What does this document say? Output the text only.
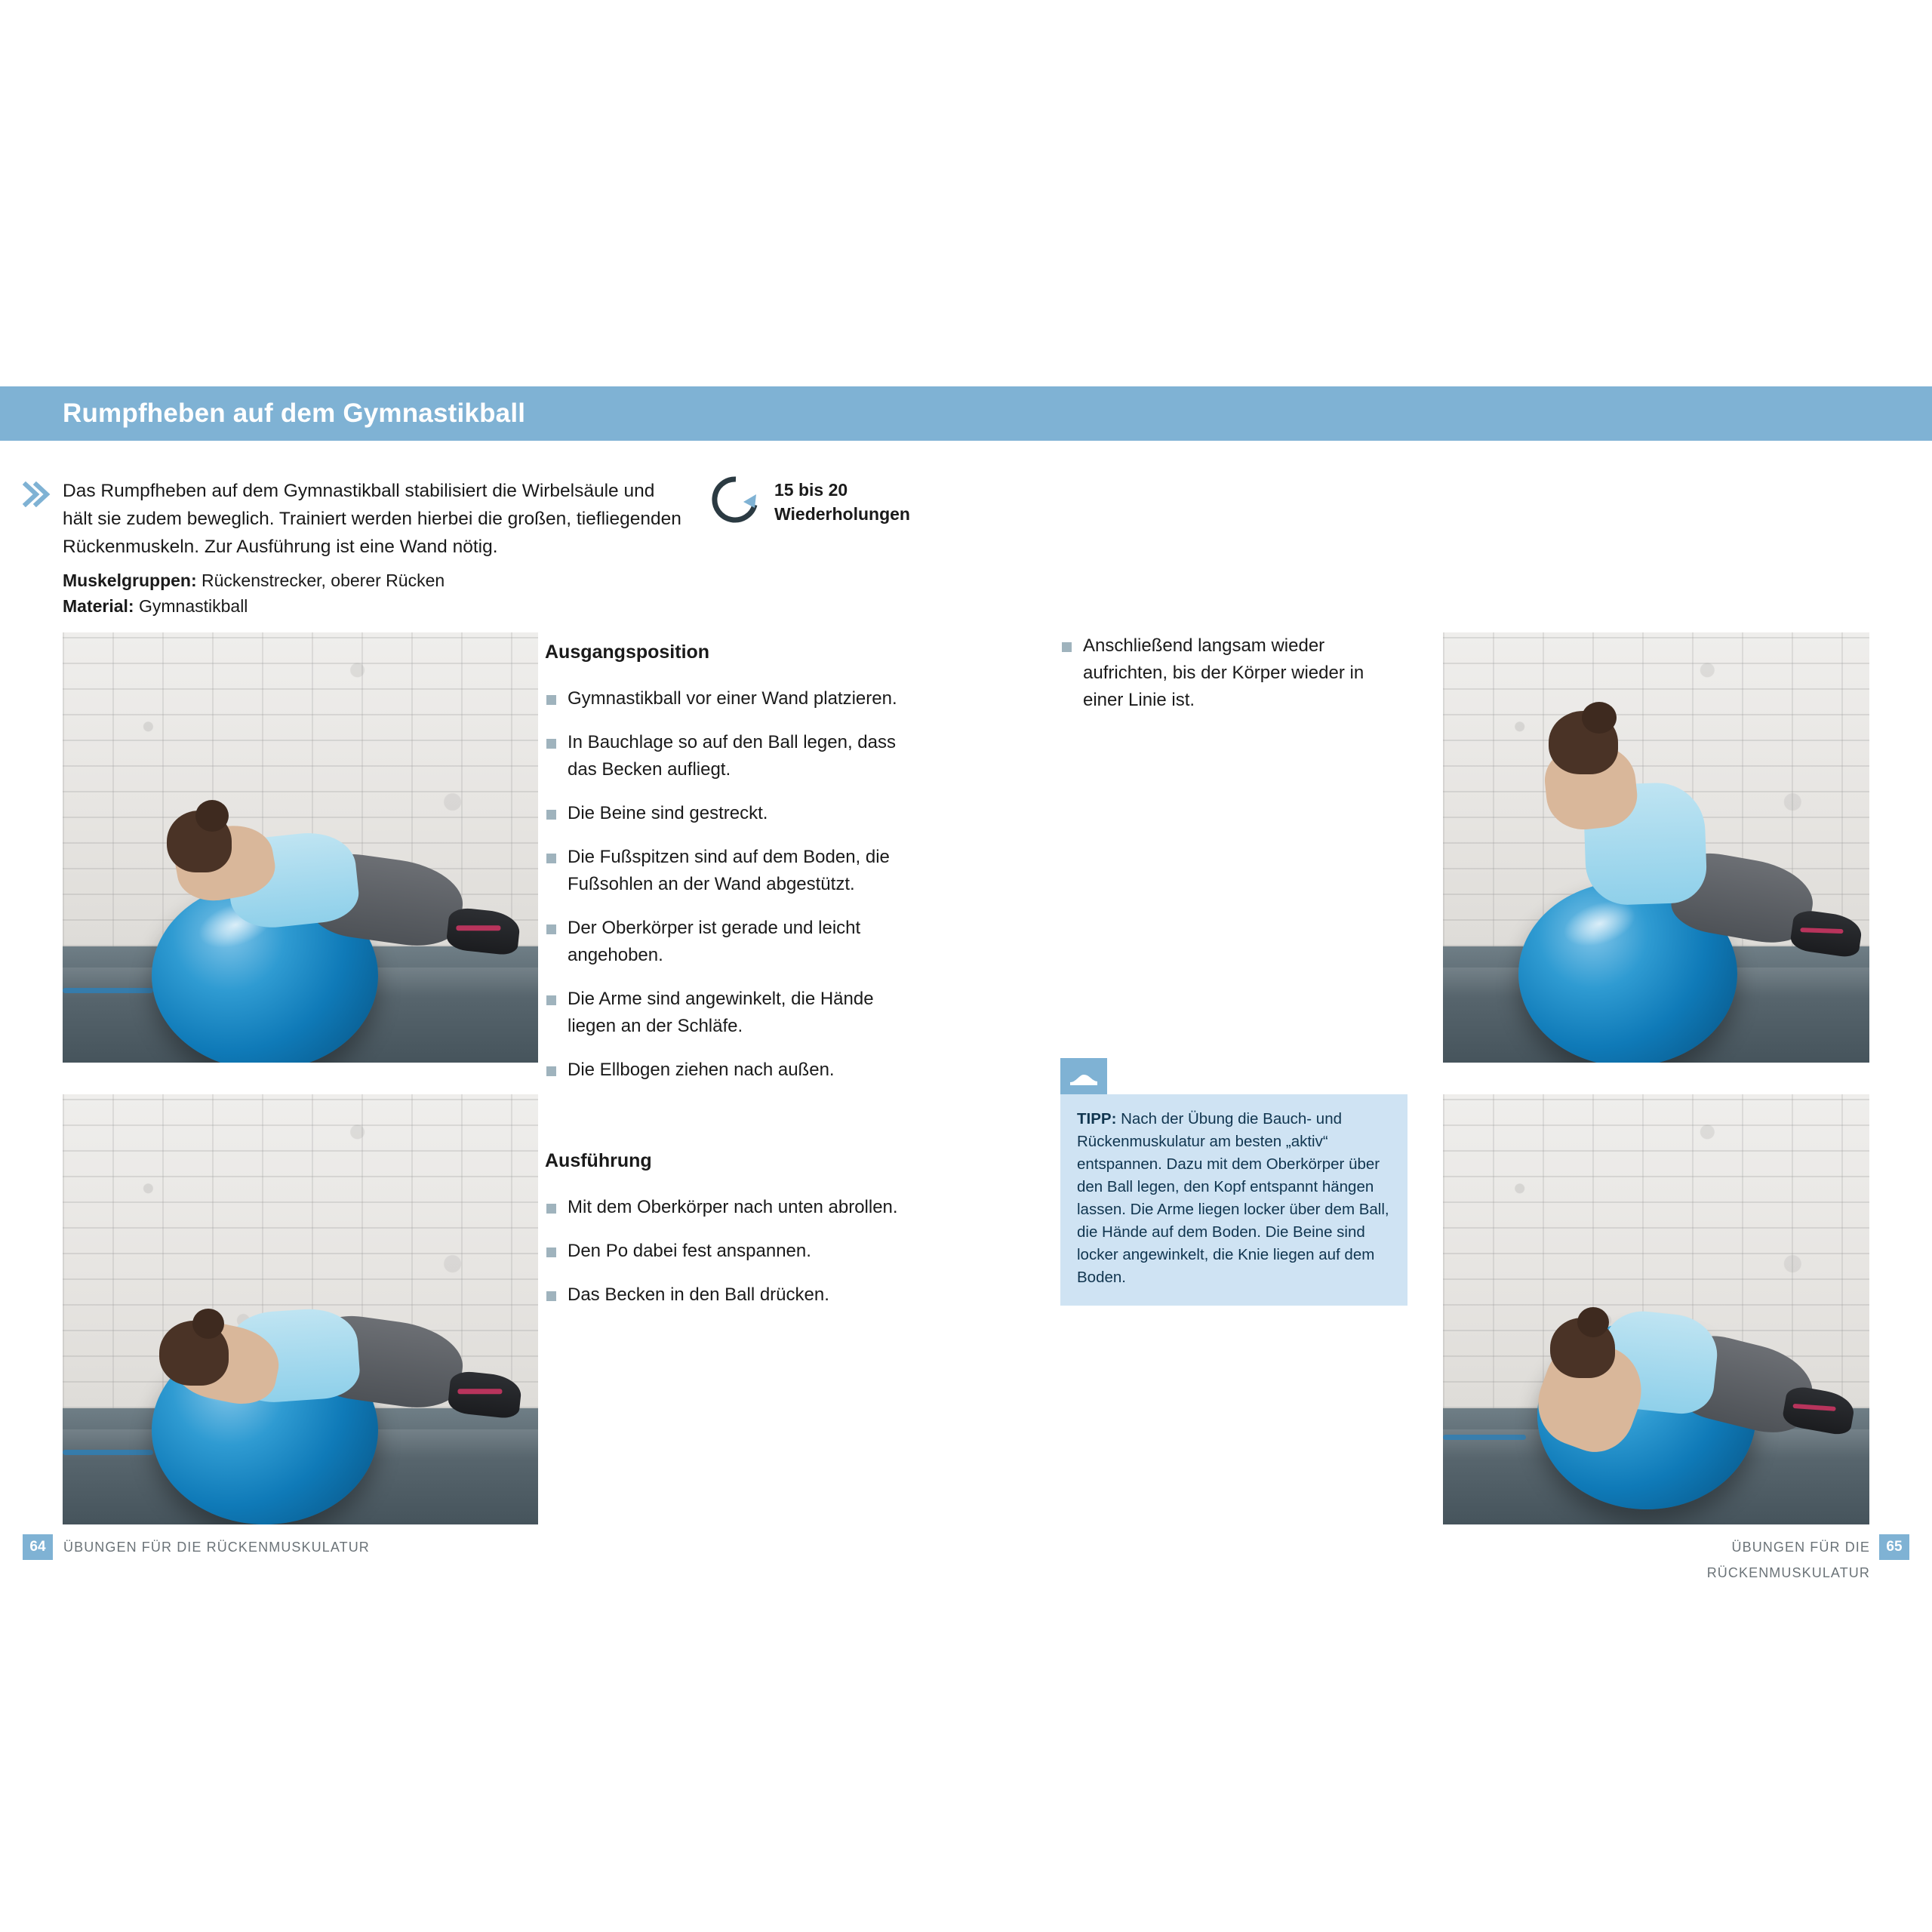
Rumpfheben auf dem Gymnastikball
Das Rumpfheben auf dem Gymnastikball stabilisiert die Wirbelsäule und hält sie zudem beweglich. Trainiert werden hierbei die großen, tiefliegenden Rückenmuskeln. Zur Ausführung ist eine Wand nötig.
Muskelgruppen: Rückenstrecker, oberer Rücken
Material: Gymnastikball
15 bis 20
Wiederholungen
Ausgangsposition
Gymnastikball vor einer Wand platzieren.
In Bauchlage so auf den Ball legen, dass das Becken aufliegt.
Die Beine sind gestreckt.
Die Fußspitzen sind auf dem Boden, die Fußsohlen an der Wand abgestützt.
Der Oberkörper ist gerade und leicht angehoben.
Die Arme sind angewinkelt, die Hände liegen an der Schläfe.
Die Ellbogen ziehen nach außen.
Ausführung
Mit dem Oberkörper nach unten abrollen.
Den Po dabei fest anspannen.
Das Becken in den Ball drücken.
Anschließend langsam wieder aufrichten, bis der Körper wieder in einer Linie ist.
TIPP: Nach der Übung die Bauch- und Rückenmuskulatur am besten „aktiv“ entspannen. Dazu mit dem Oberkörper über den Ball legen, den Kopf entspannt hängen lassen. Die Arme liegen locker über dem Ball, die Hände auf dem Boden. Die Beine sind locker angewinkelt, die Knie liegen auf dem Boden.
64	ÜBUNGEN FÜR DIE RÜCKENMUSKULATUR	ÜBUNGEN FÜR DIE RÜCKENMUSKULATUR
65
